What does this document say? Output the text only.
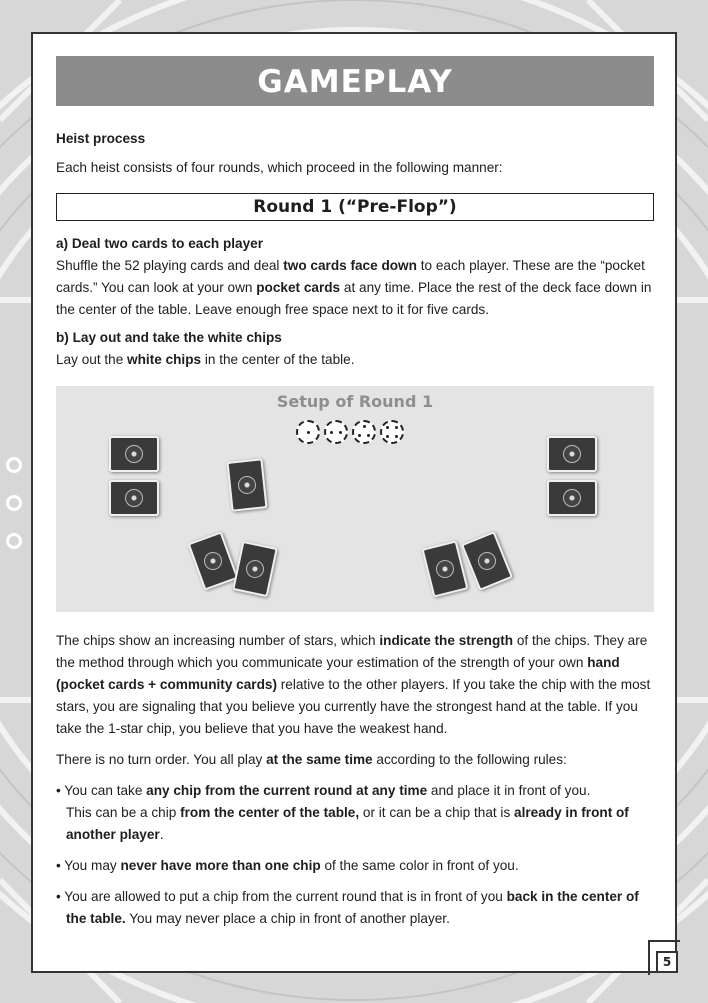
GAMEPLAY
Heist process

Each heist consists of four rounds, which proceed in the following manner:

Round 1 (“Pre-Flop”)
a) Deal two cards to each player

Shuffle the 52 playing cards and deal two cards face down to each player. These are the “pocket cards.” You can look at your own pocket cards at any time. Place the rest of the deck face down in the center of the table. Leave enough free space next to it for five cards.

b) Lay out and take the white chips

Lay out the white chips in the center of the table.

Setup of Round 1

The chips show an increasing number of stars, which indicate the strength of the chips. They are the method through which you communicate your estimation of the strength of your own hand (pocket cards + community cards) relative to the other players. If you take the chip with the most stars, you are signaling that you believe you currently have the strongest hand at the table. If you take the 1-star chip, you believe that you have the weakest hand.

There is no turn order. You all play at the same time according to the following rules:

• You can take any chip from the current round at any time and place it in front of you.
This can be a chip from the center of the table, or it can be a chip that is already in front of another player.

• You may never have more than one chip of the same color in front of you.

• You are allowed to put a chip from the current round that is in front of you back in the center of the table. You may never place a chip in front of another player.

5
